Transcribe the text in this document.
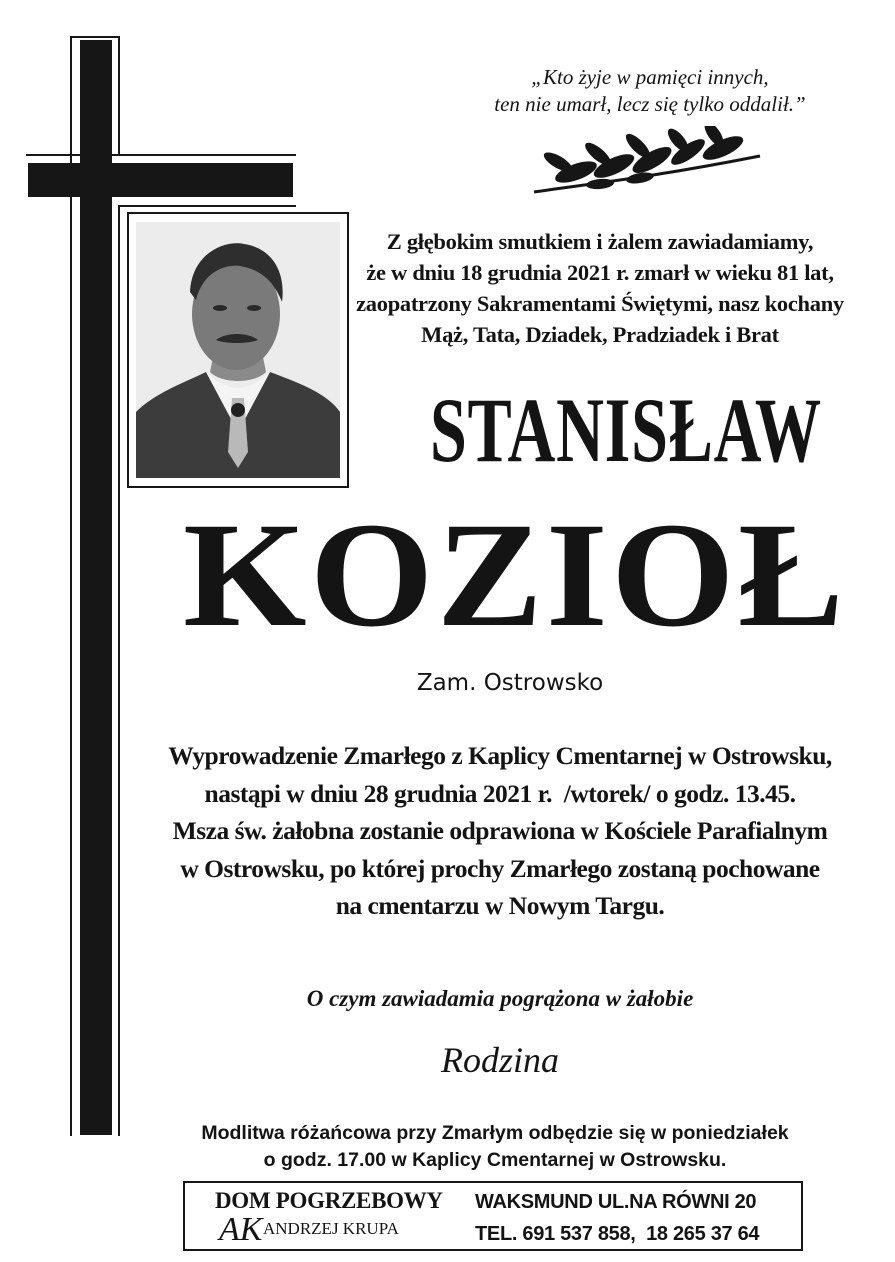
„Kto żyje w pamięci innych,
ten nie umarł, lecz się tylko oddalił.”
Z głębokim smutkiem i żalem zawiadamiamy,
że w dniu 18 grudnia 2021 r. zmarł w wieku 81 lat,
zaopatrzony Sakramentami Świętymi, nasz kochany
Mąż, Tata, Dziadek, Pradziadek i Brat
STANISŁAW
KOZIOŁ
Zam. Ostrowsko
Wyprowadzenie Zmarłego z Kaplicy Cmentarnej w Ostrowsku,
nastąpi w dniu 28 grudnia 2021 r.  /wtorek/ o godz. 13.45.
Msza św. żałobna zostanie odprawiona w Kościele Parafialnym
w Ostrowsku, po której prochy Zmarłego zostaną pochowane
na cmentarzu w Nowym Targu.
O czym zawiadamia pogrążona w żałobie
Rodzina
Modlitwa różańcowa przy Zmarłym odbędzie się w poniedziałek
o godz. 17.00 w Kaplicy Cmentarnej w Ostrowsku.
DOM POGRZEBOWY
AK ANDRZEJ KRUPA
WAKSMUND UL.NA RÓWNI 20
TEL. 691 537 858,  18 265 37 64
